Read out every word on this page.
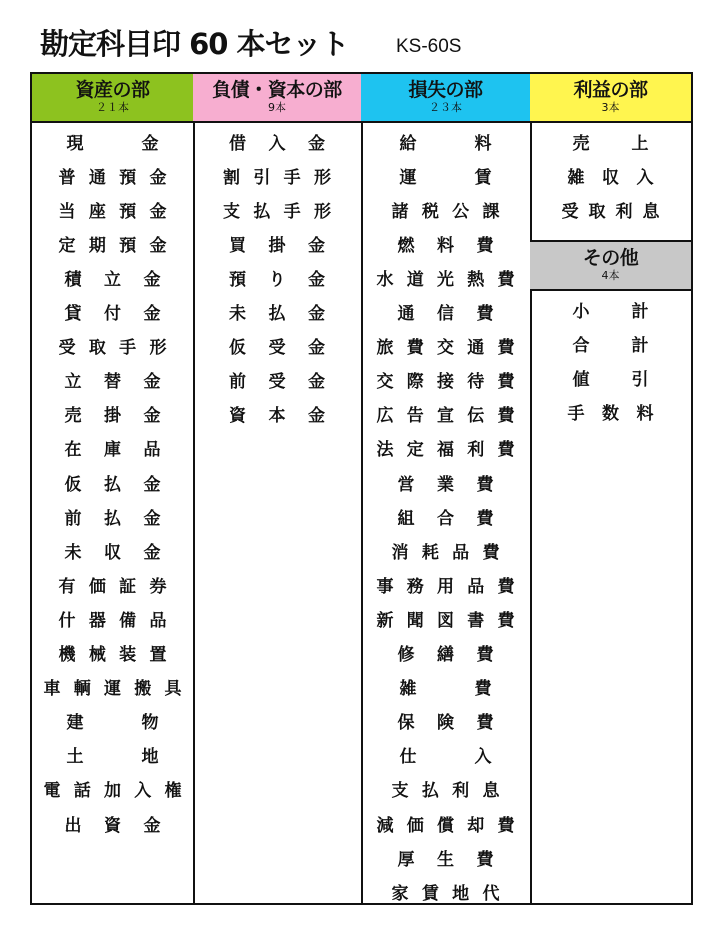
勘定科目印 60 本セット KS-60S
資産の部
２１本
現金
普通預金
当座預金
定期預金
積立金
貸付金
受取手形
立替金
売掛金
在庫品
仮払金
前払金
未収金
有価証券
什器備品
機械装置
車輌運搬具
建物
土地
電話加入権
出資金
負債・資本の部
9本
借入金
割引手形
支払手形
買掛金
預り金
未払金
仮受金
前受金
資本金
損失の部
２３本
給料
運賃
諸税公課
燃料費
水道光熱費
通信費
旅費交通費
交際接待費
広告宣伝費
法定福利費
営業費
組合費
消耗品費
事務用品費
新聞図書費
修繕費
雑費
保険費
仕入
支払利息
減価償却費
厚生費
家賃地代
利益の部
3本
売上
雑収入
受取利息
その他
4本
小計
合計
値引
手数料
